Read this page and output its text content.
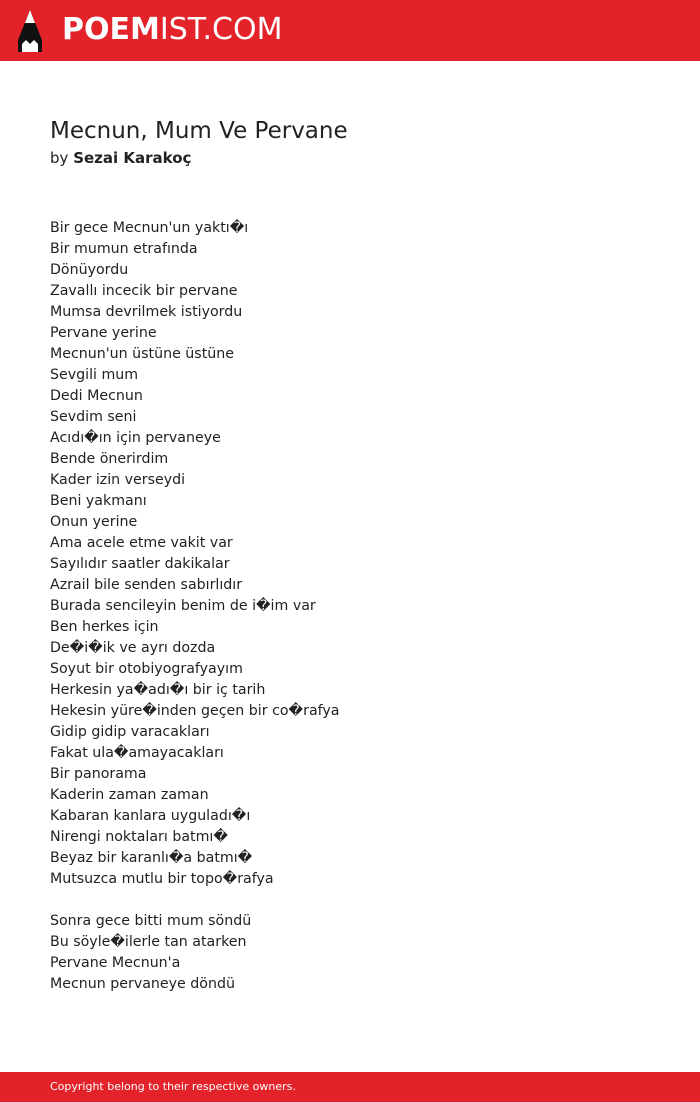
POEMIST.COM
Mecnun, Mum Ve Pervane
by Sezai Karakoç
Bir gece Mecnun'un yaktı�ı
Bir mumun etrafında
Dönüyordu
Zavallı incecik bir pervane
Mumsa devrilmek istiyordu
Pervane yerine
Mecnun'un üstüne üstüne
Sevgili mum
Dedi Mecnun
Sevdim seni
Acıdı�ın için pervaneye
Bende önerirdim
Kader izin verseydi
Beni yakmanı
Onun yerine
Ama acele etme vakit var
Sayılıdır saatler dakikalar
Azrail bile senden sabırlıdır
Burada sencileyin benim de i�im var
Ben herkes için
De�i�ik ve ayrı dozda
Soyut bir otobiyografyayım
Herkesin ya�adı�ı bir iç tarih
Hekesin yüre�inden geçen bir co�rafya
Gidip gidip varacakları
Fakat ula�amayacakları
Bir panorama
Kaderin zaman zaman
Kabaran kanlara uyguladı�ı
Nirengi noktaları batmı�
Beyaz bir karanlı�a batmı�
Mutsuzca mutlu bir topo�rafya
Sonra gece bitti mum söndü
Bu söyle�ilerle tan atarken
Pervane Mecnun'a
Mecnun pervaneye döndü
Copyright belong to their respective owners.
